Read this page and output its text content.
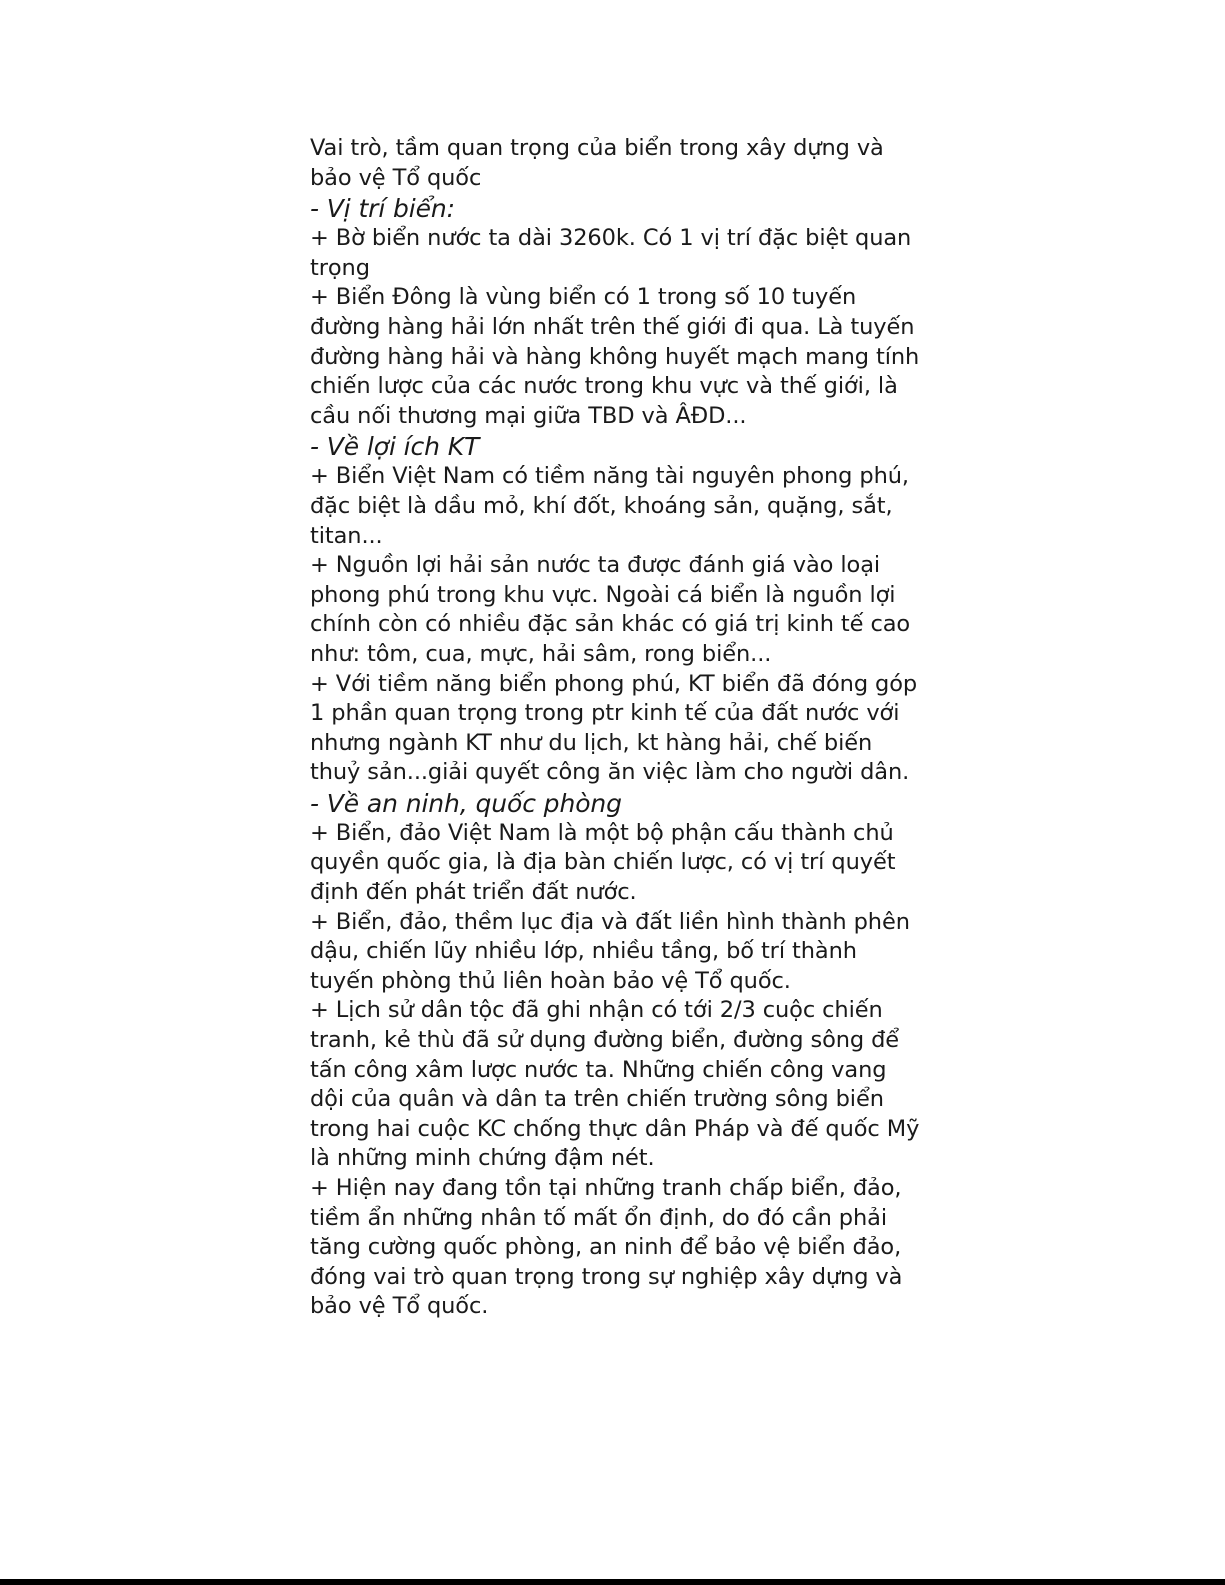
Vai trò, tầm quan trọng của biển trong xây dựng và bảo vệ Tổ quốc

- Vị trí biển:

+ Bờ biển nước ta dài 3260k. Có 1 vị trí đặc biệt quan trọng

+ Biển Đông là vùng biển có 1 trong số 10 tuyến đường hàng hải lớn nhất trên thế giới đi qua. Là tuyến đường hàng hải và hàng không huyết mạch mang tính chiến lược của các nước trong khu vực và thế giới, là cầu nối thương mại giữa TBD và ÂĐD...

- Về lợi ích KT

+ Biển Việt Nam có tiềm năng tài nguyên phong phú, đặc biệt là dầu mỏ, khí đốt, khoáng sản, quặng, sắt, titan...

+ Nguồn lợi hải sản nước ta được đánh giá vào loại phong phú trong khu vực. Ngoài cá biển là nguồn lợi chính còn có nhiều đặc sản khác có giá trị kinh tế cao như: tôm, cua, mực, hải sâm, rong biển...

+ Với tiềm năng biển phong phú, KT biển đã đóng góp 1 phần quan trọng trong ptr kinh tế của đất nước với nhưng ngành KT như du lịch, kt hàng hải, chế biến thuỷ sản...giải quyết công ăn việc làm cho người dân.

- Về an ninh, quốc phòng

+ Biển, đảo Việt Nam là một bộ phận cấu thành chủ quyền quốc gia, là địa bàn chiến lược, có vị trí quyết định đến phát triển đất nước.

+ Biển, đảo, thềm lục địa và đất liền hình thành phên dậu, chiến lũy nhiều lớp, nhiều tầng, bố trí thành tuyến phòng thủ liên hoàn bảo vệ Tổ quốc.

+ Lịch sử dân tộc đã ghi nhận có tới 2/3 cuộc chiến tranh, kẻ thù đã sử dụng đường biển, đường sông để tấn công xâm lược nước ta. Những chiến công vang dội của quân và dân ta trên chiến trường sông biển trong hai cuộc KC chống thực dân Pháp và đế quốc Mỹ là những minh chứng đậm nét.

+ Hiện nay đang tồn tại những tranh chấp biển, đảo, tiềm ẩn những nhân tố mất ổn định, do đó cần phải tăng cường quốc phòng, an ninh để bảo vệ biển đảo, đóng vai trò quan trọng trong sự nghiệp xây dựng và bảo vệ Tổ quốc.
